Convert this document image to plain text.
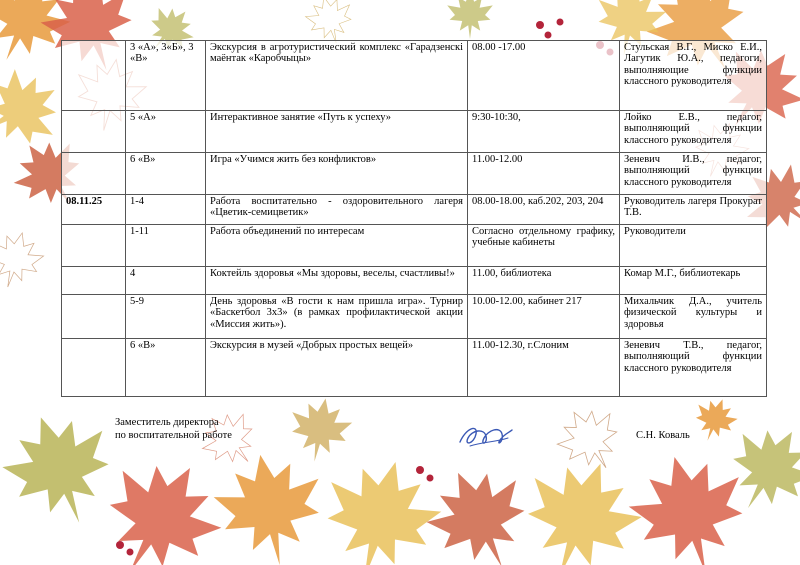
	3 «А», 3«Б», 3 «В»	Экскурсия в агротуристический комплекс «Гарадзенскі маёнтак «Каробчыцы»	08.00 -17.00	Стульская В.Г., Миско Е.И., Лагутик Ю.А., педагоги, выполняющие функции классного руководителя
	5 «А»	Интерактивное занятие «Путь к успеху»	9:30-10:30,	Лойко Е.В., педагог, выполняющий функции классного руководителя
	6 «В»	Игра «Учимся жить без конфликтов»	11.00-12.00	Зеневич И.В., педагог, выполняющий функции классного руководителя
08.11.25	1-4	Работа воспитательно - оздоровительного лагеря «Цветик-семицветик»	08.00-18.00, каб.202, 203, 204	Руководитель лагеря Прокурат Т.В.
	1-11	Работа объединений по интересам	Согласно отдельному графику, учебные кабинеты	Руководители
	4	Коктейль здоровья «Мы здоровы, веселы, счастливы!»	11.00, библиотека	Комар М.Г., библиотекарь
	5-9	День здоровья «В гости к нам пришла игра». Турнир «Баскетбол 3х3» (в рамках профилактической акции «Миссия жить»).	10.00-12.00, кабинет 217	Михальчик Д.А., учитель физической культуры и здоровья
	6 «В»	Экскурсия в музей «Добрых простых вещей»	11.00-12.30, г.Слоним	Зеневич Т.В., педагог, выполняющий функции классного руководителя
Заместитель директора
по воспитательной работе	С.Н. Коваль
